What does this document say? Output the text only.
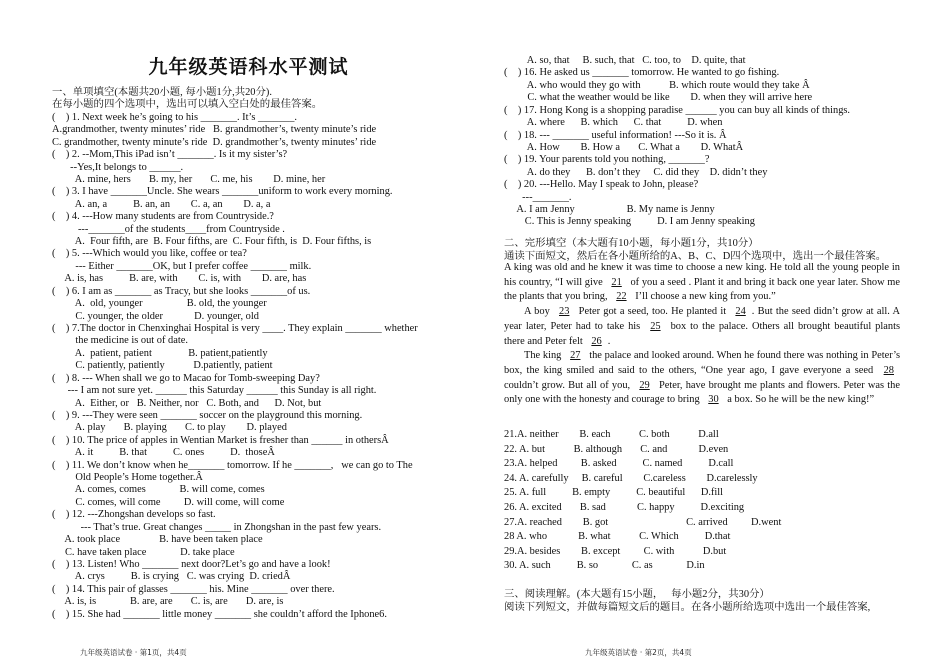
九年级英语科水平测试
一、单项填空(本题共20小题, 每小题1分,共20分).
在每小题的四个选项中，选出可以填入空白处的最佳答案。
(    ) 1. Next week he’s going to his _______. It’s _______.
A.grandmother, twenty minutes’ ride   B. grandmother’s, twenty minute’s ride
C. grandmother, twenty minute’s ride  D. grandmother’s, twenty minutes’ ride
(    ) 2. --Mom,This iPad isn’t _______. Is it my sister’s?
--Yes,It belongs to ______.
A. mine, hers       B. my, her       C. me, his        D. mine, her
(    ) 3. I have _______Uncle. She wears _______uniform to work every morning.
A. an, a          B. an, an        C. a, an        D. a, a
(    ) 4. ---How many students are from Countryside.?
---_______of the students____from Countryside .
A.  Four fifth, are  B. Four fifths, are  C. Four fifth, is  D. Four fifths, is
(    ) 5. ---Which would you like, coffee or tea?
--- Either _______OK, but I prefer coffee _______ milk.
A. is, has          B. are, with        C. is, with        D. are, has
(    ) 6. I am as _______ as Tracy, but she looks _______of us.
A.  old, younger                 B. old, the younger
C. younger, the older            D. younger, old
(    ) 7.The doctor in Chenxinghai Hospital is very ____. They explain _______ whether
the medicine is out of date.
A.  patient, patient              B. patient,patiently
C. patiently, patiently           D.patiently, patient
(    ) 8. --- When shall we go to Macao for Tomb-sweeping Day?
--- I am not sure yet. ______ this Saturday ______ this Sunday is all right.
A.  Either, or   B. Neither, nor   C. Both, and      D. Not, but
(    ) 9. ---They were seen _______ soccer on the playground this morning.
A. play       B. playing       C. to play        D. played
(    ) 10. The price of apples in Wentian Market is fresher than ______ in othersÂ
A. it          B. that          C. ones          D.  thoseÂ
(    ) 11. We don’t know when he_______ tomorrow. If he _______,   we can go to The
Old People’s Home together.Â
A. comes, comes             B. will come, comes
C. comes, will come         D. will come, will come
(    ) 12. ---Zhongshan develops so fast.
--- That’s true. Great changes _____ in Zhongshan in the past few years.
A. took place               B. have been taken place
C. have taken place             D. take place
(    ) 13. Listen! Who _______ next door?Let’s go and have a look!
A. crys          B. is crying   C. was crying  D. criedÂ
(    ) 14. This pair of glasses _______ his. Mine _______ over there.
A. is, is             B. are, are       C. is, are       D. are, is
(    ) 15. She had _______ little money _______ she couldn’t afford the Iphone6.
A. so, that     B. such, that   C. too, to    D. quite, that
(    ) 16. He asked us _______ tomorrow. He wanted to go fishing.
A. who would they go with           B. which route would they take Â
C. what the weather would be like        D. when they will arrive here
(    ) 17. Hong Kong is a shopping paradise ______ you can buy all kinds of things.
A. where      B. which      C. that          D. when
(    ) 18. --- _______ useful information! ---So it is. Â
A. How        B. How a       C. What a        D. WhatÂ
(    ) 19. Your parents told you nothing, _______?
A. do they      B. don’t they     C. did they    D. didn’t they
(    ) 20. ---Hello. May I speak to John, please?
---_______.
A. I am Jenny                    B. My name is Jenny
C. This is Jenny speaking          D. I am Jenny speaking
二、完形填空（本大题有10小题，每小题1分，共10分）
通读下面短文，然后在各小题所给的A、B、C、D四个选项中，选出一个最佳答案。

A king was old and he knew it was time to choose a new king. He told all the young people in his country, “I will give 21 of you a seed . Plant it and bring it back one year later. Show me the plants that you bring, 22 I’ll choose a new king from you.”

A boy 23 Peter got a seed, too. He planted it 24 . But the seed didn’t grow at all. A year later, Peter had to take his 25 box to the palace. Others all brought beautiful plants there and Peter felt 26 .

The king 27 the palace and looked around. When he found there was nothing in Peter’s box, the king smiled and said to the others, “One year ago, I gave everyone a seed 28 couldn’t grow. But all of you, 29 Peter, have brought me plants and flowers. Peter was the only one with the honesty and courage to bring 30 a box. So he will be the new king!”

21.A. neither        B. each           C. both           D.all
22. A. but           B. although       C. and            D.even
23.A. helped         B. asked          C. named          D.call
24. A. carefully     B. careful        C.careless        D.carelessly
25. A. full          B. empty          C. beautiful      D.fill
26. A. excited       B. sad            C. happy          D.exciting
27.A. reached        B. got                              C. arrived         D.went
28 A. who            B. what           C. Which          D.that
29.A. besides        B. except         C. with           D.but
30. A. such          B. so             C. as             D.in
三、阅读理解。(本大题有15小题，   每小题2分，共30分）
阅读下列短文，并做每篇短文后的题目。在各小题所给选项中选出一个最佳答案,
九年级英语试卷 · 第1页，共4页	九年级英语试卷 · 第2页，共4页
